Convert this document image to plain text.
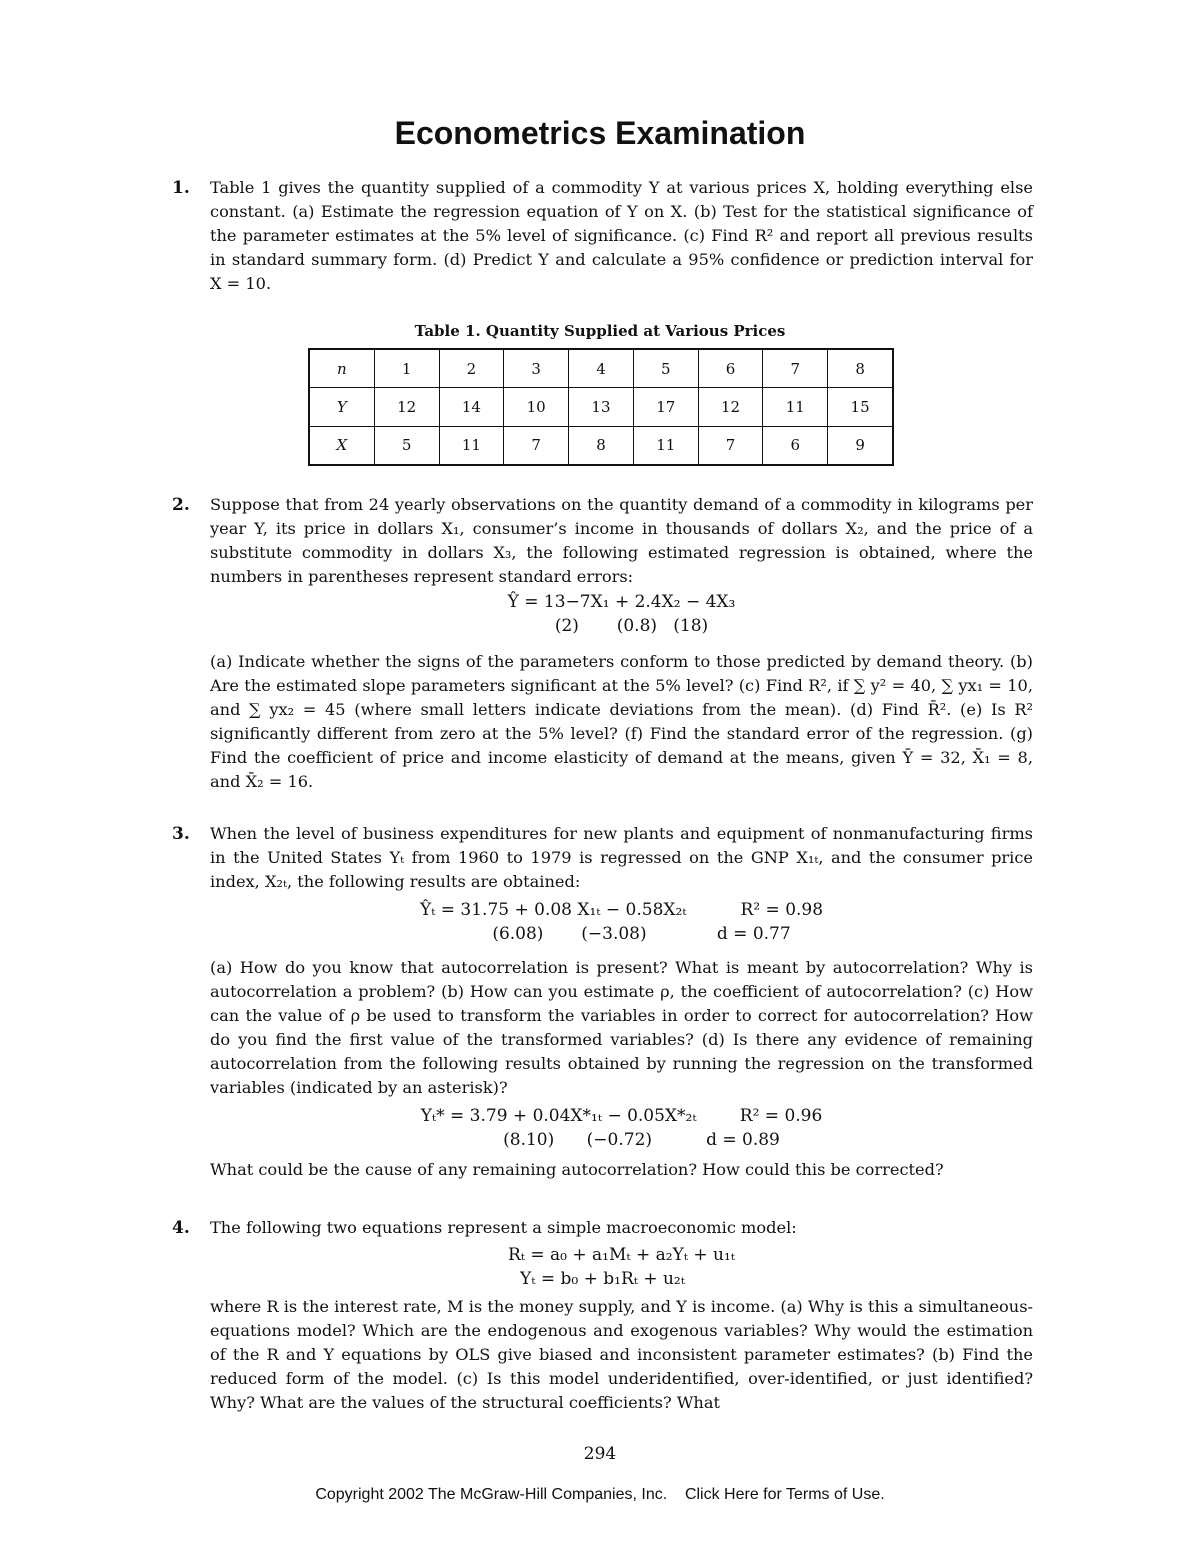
Econometrics Examination
1. Table 1 gives the quantity supplied of a commodity Y at various prices X, holding everything else constant. (a) Estimate the regression equation of Y on X. (b) Test for the statistical significance of the parameter estimates at the 5% level of significance. (c) Find R² and report all previous results in standard summary form. (d) Predict Y and calculate a 95% confidence or prediction interval for X = 10.

Table 1. Quantity Supplied at Various Prices
n	1	2	3	4	5	6	7	8
Y	12	14	10	13	17	12	11	15
X	5	11	7	8	11	7	6	9
2. Suppose that from 24 yearly observations on the quantity demand of a commodity in kilograms per year Y, its price in dollars X₁, consumer’s income in thousands of dollars X₂, and the price of a substitute commodity in dollars X₃, the following estimated regression is obtained, where the numbers in parentheses represent standard errors:

Ŷ = 13−7X₁ + 2.4X₂ − 4X₃
(2)       (0.8)   (18)

(a) Indicate whether the signs of the parameters conform to those predicted by demand theory. (b) Are the estimated slope parameters significant at the 5% level? (c) Find R², if ∑ y² = 40, ∑ yx₁ = 10, and ∑ yx₂ = 45 (where small letters indicate deviations from the mean). (d) Find R̄². (e) Is R² significantly different from zero at the 5% level? (f) Find the standard error of the regression. (g) Find the coefficient of price and income elasticity of demand at the means, given Ȳ = 32, X̄₁ = 8, and X̄₂ = 16.

3. When the level of business expenditures for new plants and equipment of nonmanufacturing firms in the United States Yₜ from 1960 to 1979 is regressed on the GNP X₁ₜ, and the consumer price index, X₂ₜ, the following results are obtained:

Ŷₜ = 31.75 + 0.08 X₁ₜ − 0.58X₂ₜ          R² = 0.98
(6.08)       (−3.08)             d = 0.77

(a) How do you know that autocorrelation is present? What is meant by autocorrelation? Why is autocorrelation a problem? (b) How can you estimate ρ, the coefficient of autocorrelation? (c) How can the value of ρ be used to transform the variables in order to correct for autocorrelation? How do you find the first value of the transformed variables? (d) Is there any evidence of remaining autocorrelation from the following results obtained by running the regression on the transformed variables (indicated by an asterisk)?

Yₜ* = 3.79 + 0.04X*₁ₜ − 0.05X*₂ₜ        R² = 0.96
(8.10)      (−0.72)          d = 0.89

What could be the cause of any remaining autocorrelation? How could this be corrected?

4. The following two equations represent a simple macroeconomic model:

Rₜ = a₀ + a₁Mₜ + a₂Yₜ + u₁ₜ
Yₜ = b₀ + b₁Rₜ + u₂ₜ

where R is the interest rate, M is the money supply, and Y is income. (a) Why is this a simultaneous-equations model? Which are the endogenous and exogenous variables? Why would the estimation of the R and Y equations by OLS give biased and inconsistent parameter estimates? (b) Find the reduced form of the model. (c) Is this model underidentified, over-identified, or just identified? Why? What are the values of the structural coefficients? What

294
Copyright 2002 The McGraw-Hill Companies, Inc. Click Here for Terms of Use.
